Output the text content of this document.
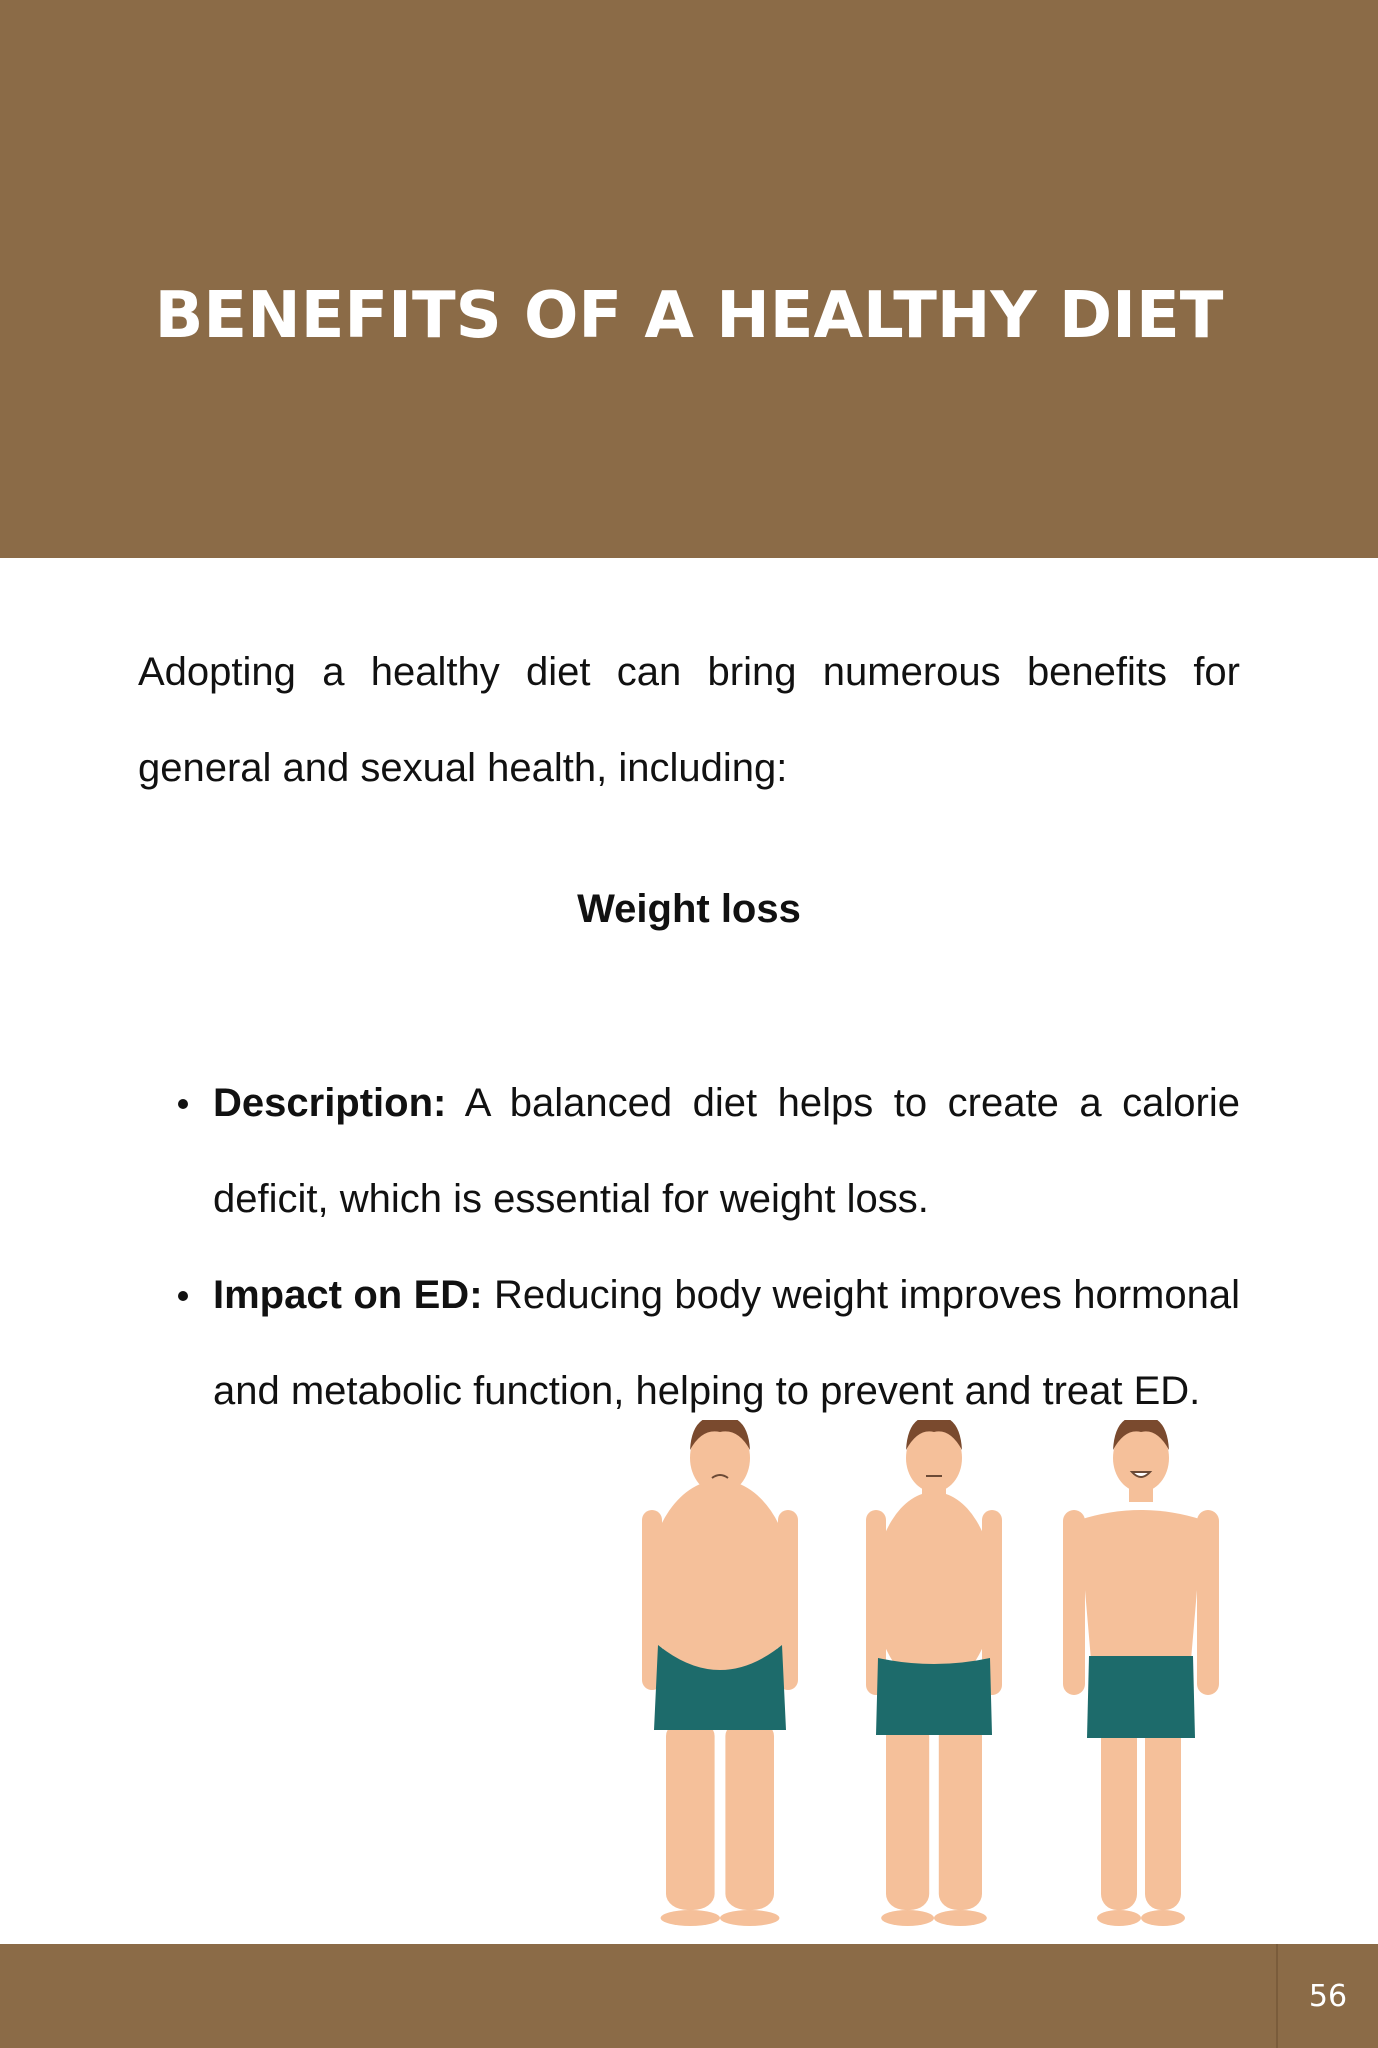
BENEFITS OF A HEALTHY DIET

Adopting a healthy diet can bring numerous benefits for general and sexual health, including:

Weight loss
Description: A balanced diet helps to create a calorie deficit, which is essential for weight loss.
Impact on ED: Reducing body weight improves hormonal and metabolic function, helping to prevent and treat ED.
56
